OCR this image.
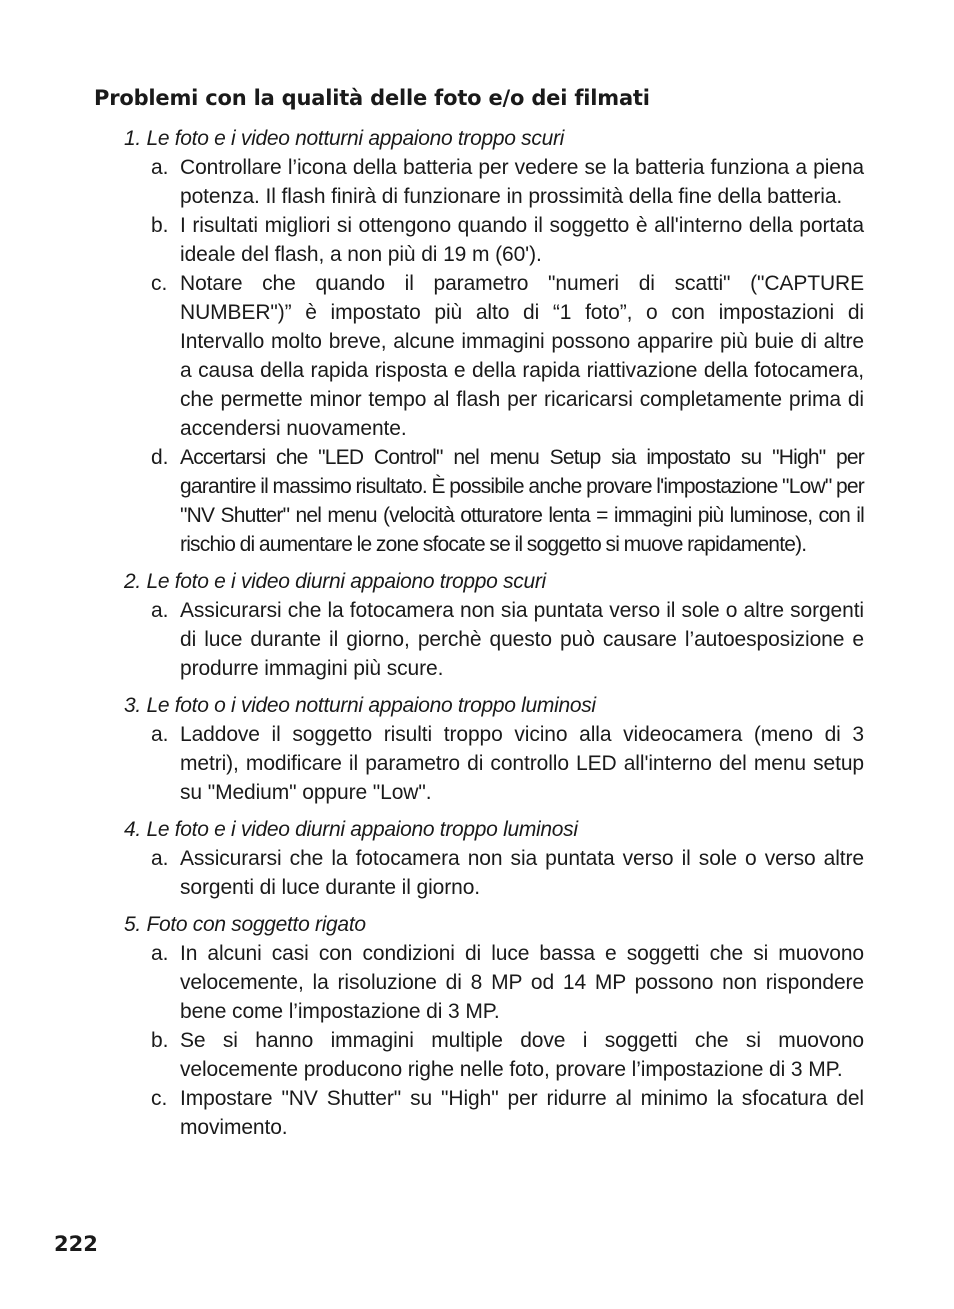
Problemi con la qualità delle foto e/o dei filmati
1. Le foto e i video notturni appaiono troppo scuri
a. Controllare l’icona della batteria per vedere se la batteria funziona a piena potenza. Il flash finirà di funzionare in prossimità della fine della batteria.
b. I risultati migliori si ottengono quando il soggetto è all'interno della portata ideale del flash, a non più di 19 m (60').
c. Notare che quando il parametro "numeri di scatti" ("CAPTURE NUMBER")” è impostato più alto di “1 foto”, o con impostazioni di Intervallo molto breve, alcune immagini possono apparire più buie di altre a causa della rapida risposta e della rapida riattivazione della fotocamera, che permette minor tempo al flash per ricaricarsi completamente prima di accendersi nuovamente.
d. Accertarsi che "LED Control" nel menu Setup sia impostato su "High" per garantire il massimo risultato. È possibile anche provare l'impostazione "Low" per "NV Shutter" nel menu (velocità otturatore lenta = immagini più luminose, con il rischio di aumentare le zone sfocate se il soggetto si muove rapidamente).
2. Le foto e i video diurni appaiono troppo scuri
a. Assicurarsi che la fotocamera non sia puntata verso il sole o altre sorgenti di luce durante il giorno, perchè questo può causare l’autoesposizione e produrre immagini più scure.
3. Le foto o i video notturni appaiono troppo luminosi
a. Laddove il soggetto risulti troppo vicino alla videocamera (meno di 3 metri), modificare il parametro di controllo LED all'interno del menu setup su "Medium" oppure "Low".
4. Le foto e i video diurni appaiono troppo luminosi
a. Assicurarsi che la fotocamera non sia puntata verso il sole o verso altre sorgenti di luce durante il giorno.
5. Foto con soggetto rigato
a. In alcuni casi con condizioni di luce bassa e soggetti che si muovono velocemente, la risoluzione di 8 MP od 14 MP possono non rispondere bene come l’impostazione di 3 MP.
b. Se si hanno immagini multiple dove i soggetti che si muovono velocemente producono righe nelle foto, provare l’impostazione di 3 MP.
c. Impostare "NV Shutter" su "High" per ridurre al minimo la sfocatura del movimento.
222
